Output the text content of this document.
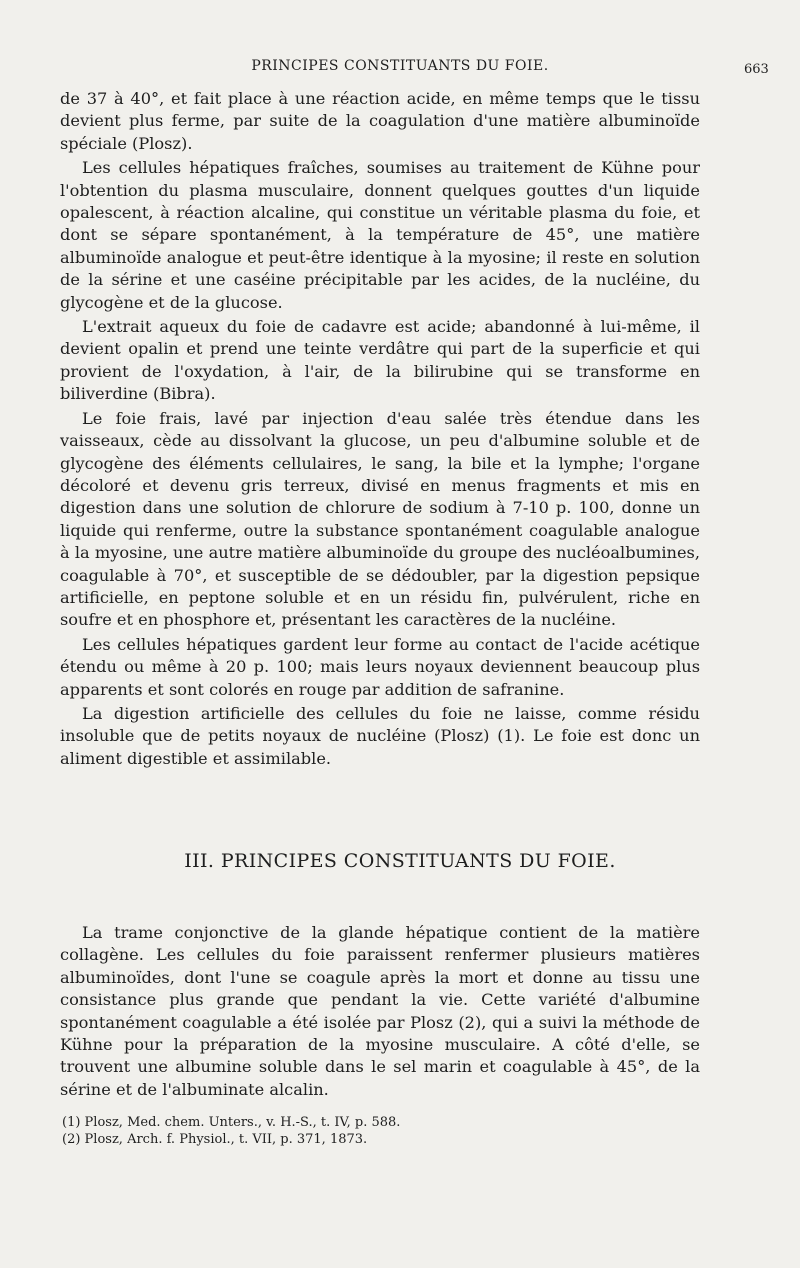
PRINCIPES CONSTITUANTS DU FOIE.	663

de 37 à 40°, et fait place à une réaction acide, en même temps que le tissu devient plus ferme, par suite de la coagulation d'une matière albuminoïde spéciale (Plosz).

Les cellules hépatiques fraîches, soumises au traitement de Kühne pour l'obtention du plasma musculaire, donnent quelques gouttes d'un liquide opalescent, à réaction alcaline, qui constitue un véritable plasma du foie, et dont se sépare spontanément, à la température de 45°, une matière albuminoïde analogue et peut-être identique à la myosine; il reste en solution de la sérine et une caséine précipitable par les acides, de la nucléine, du glycogène et de la glucose.

L'extrait aqueux du foie de cadavre est acide; abandonné à lui-même, il devient opalin et prend une teinte verdâtre qui part de la superficie et qui provient de l'oxydation, à l'air, de la bilirubine qui se transforme en biliverdine (Bibra).

Le foie frais, lavé par injection d'eau salée très étendue dans les vaisseaux, cède au dissolvant la glucose, un peu d'albumine soluble et de glycogène des éléments cellulaires, le sang, la bile et la lymphe; l'organe décoloré et devenu gris terreux, divisé en menus fragments et mis en digestion dans une solution de chlorure de sodium à 7-10 p. 100, donne un liquide qui renferme, outre la substance spontanément coagulable analogue à la myosine, une autre matière albuminoïde du groupe des nucléoalbumines, coagulable à 70°, et susceptible de se dédoubler, par la digestion pepsique artificielle, en peptone soluble et en un résidu fin, pulvérulent, riche en soufre et en phosphore et, présentant les caractères de la nucléine.

Les cellules hépatiques gardent leur forme au contact de l'acide acétique étendu ou même à 20 p. 100; mais leurs noyaux deviennent beaucoup plus apparents et sont colorés en rouge par addition de safranine.

La digestion artificielle des cellules du foie ne laisse, comme résidu insoluble que de petits noyaux de nucléine (Plosz) (1). Le foie est donc un aliment digestible et assimilable.

III. PRINCIPES CONSTITUANTS DU FOIE.

La trame conjonctive de la glande hépatique contient de la matière collagène. Les cellules du foie paraissent renfermer plusieurs matières albuminoïdes, dont l'une se coagule après la mort et donne au tissu une consistance plus grande que pendant la vie. Cette variété d'albumine spontanément coagulable a été isolée par Plosz (2), qui a suivi la méthode de Kühne pour la préparation de la myosine musculaire. A côté d'elle, se trouvent une albumine soluble dans le sel marin et coagulable à 45°, de la sérine et de l'albuminate alcalin.

(1) Plosz, Med. chem. Unters., v. H.-S., t. IV, p. 588.
(2) Plosz, Arch. f. Physiol., t. VII, p. 371, 1873.
